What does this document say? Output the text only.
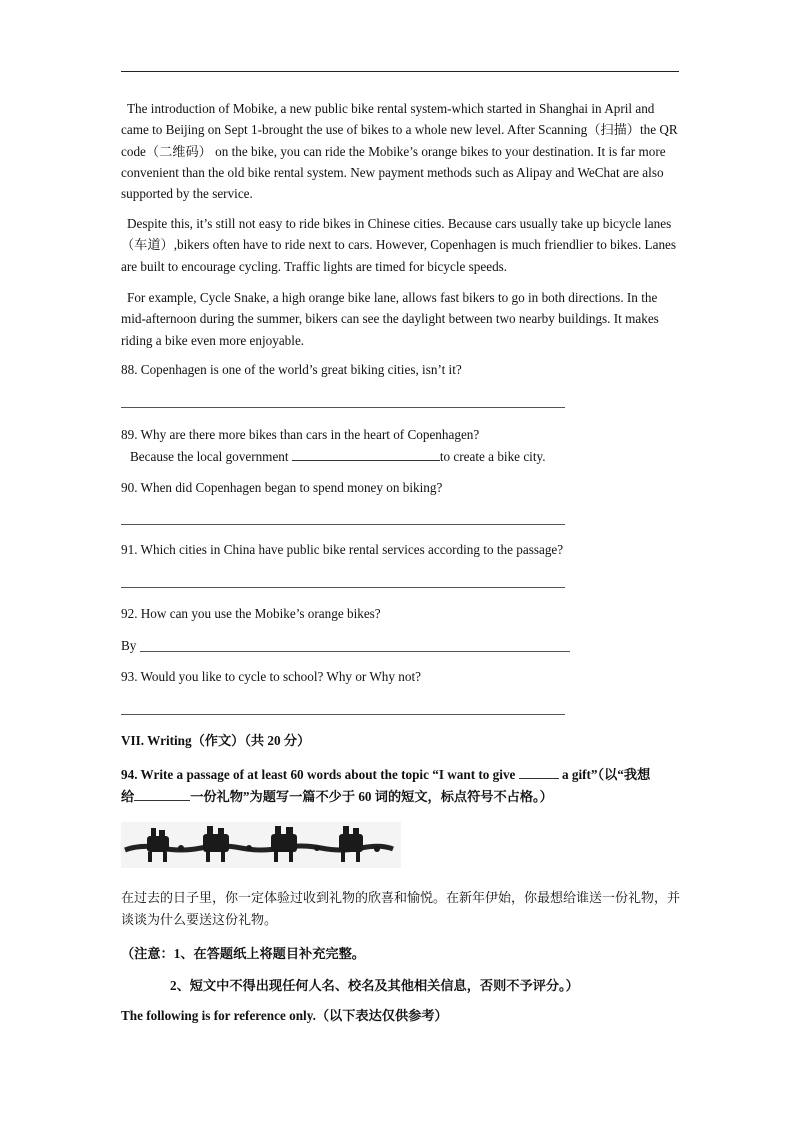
The introduction of Mobike, a new public bike rental system-which started in Shanghai in April and came to Beijing on Sept 1-brought the use of bikes to a whole new level. After Scanning（扫描）the QR code（二维码） on the bike, you can ride the Mobike’s orange bikes to your destination. It is far more convenient than the old bike rental system. New payment methods such as Alipay and WeChat are also supported by the service.
Despite this, it’s still not easy to ride bikes in Chinese cities. Because cars usually take up bicycle lanes（车道）,bikers often have to ride next to cars. However, Copenhagen is much friendlier to bikes. Lanes are built to encourage cycling. Traffic lights are timed for bicycle speeds.
For example, Cycle Snake, a high orange bike lane, allows fast bikers to go in both directions. In the mid-afternoon during the summer, bikers can see the daylight between two nearby buildings. It makes riding a bike even more enjoyable.
88. Copenhagen is one of the world’s great biking cities, isn’t it?
89. Why are there more bikes than cars in the heart of Copenhagen?
Because the local government	to create a bike city.
90. When did Copenhagen began to spend money on biking?
91. Which cities in China have public bike rental services according to the passage?
92. How can you use the Mobike’s orange bikes?
By
93. Would you like to cycle to school? Why or Why not?
VII. Writing（作文）（共 20 分）
94. Write a passage of at least 60 words about the topic “I want to give	a gift”（以“我想
给	一份礼物”为题写一篇不少于 60 词的短文，标点符号不占格。）
在过去的日子里，你一定体验过收到礼物的欣喜和愉悦。在新年伊始，你最想给谁送一份礼物，并
谈谈为什么要送这份礼物。
（注意：1、在答题纸上将题目补充完整。
2、短文中不得出现任何人名、校名及其他相关信息，否则不予评分。）
The following is for reference only.（以下表达仅供参考）
